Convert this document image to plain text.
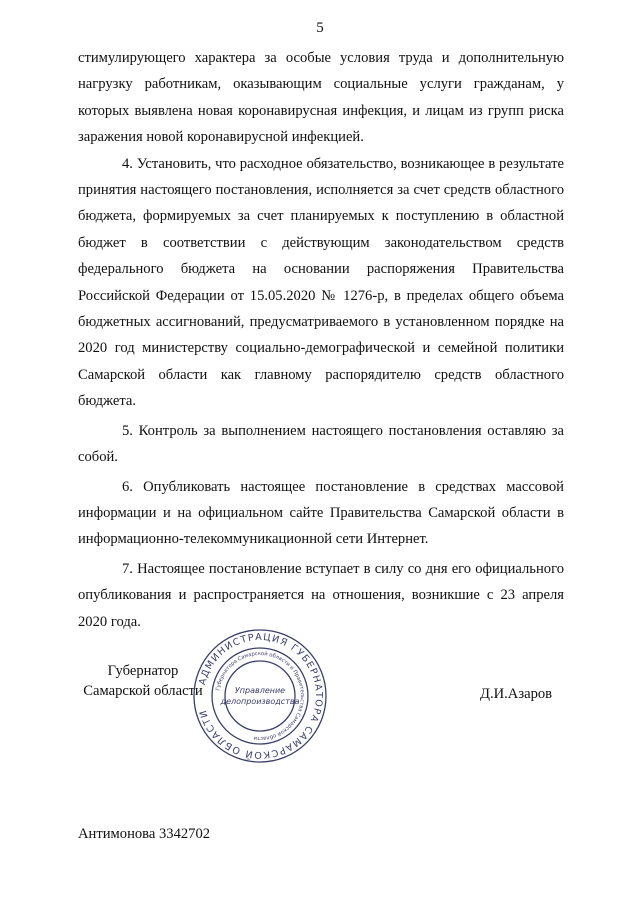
5

стимулирующего характера за особые условия труда и дополнительную нагрузку работникам, оказывающим социальные услуги гражданам, у которых выявлена новая коронавирусная инфекция, и лицам из групп риска заражения новой коронавирусной инфекцией.

4. Установить, что расходное обязательство, возникающее в результате принятия настоящего постановления, исполняется за счет средств областного бюджета, формируемых за счет планируемых к поступлению в областной бюджет в соответствии с действующим законодательством средств федерального бюджета на основании распоряжения Правительства Российской Федерации от 15.05.2020 № 1276-р, в пределах общего объема бюджетных ассигнований, предусматриваемого в установленном порядке на 2020 год министерству социально-демографической и семейной политики Самарской области как главному распорядителю средств областного бюджета.

5. Контроль за выполнением настоящего постановления оставляю за собой.

6. Опубликовать настоящее постановление в средствах массовой информации и на официальном сайте Правительства Самарской области в информационно-телекоммуникационной сети Интернет.

7. Настоящее постановление вступает в силу со дня его официального опубликования и распространяется на отношения, возникшие с 23 апреля 2020 года.

Губернатор
Самарской области
АДМИНИСТРАЦИЯ ГУБЕРНАТОРА САМАРСКОЙ ОБЛАСТИ
Губернатора Самарской области и Правительства Самарской области
Управление
делопроизводства	Д.И.Азаров
Антимонова 3342702
